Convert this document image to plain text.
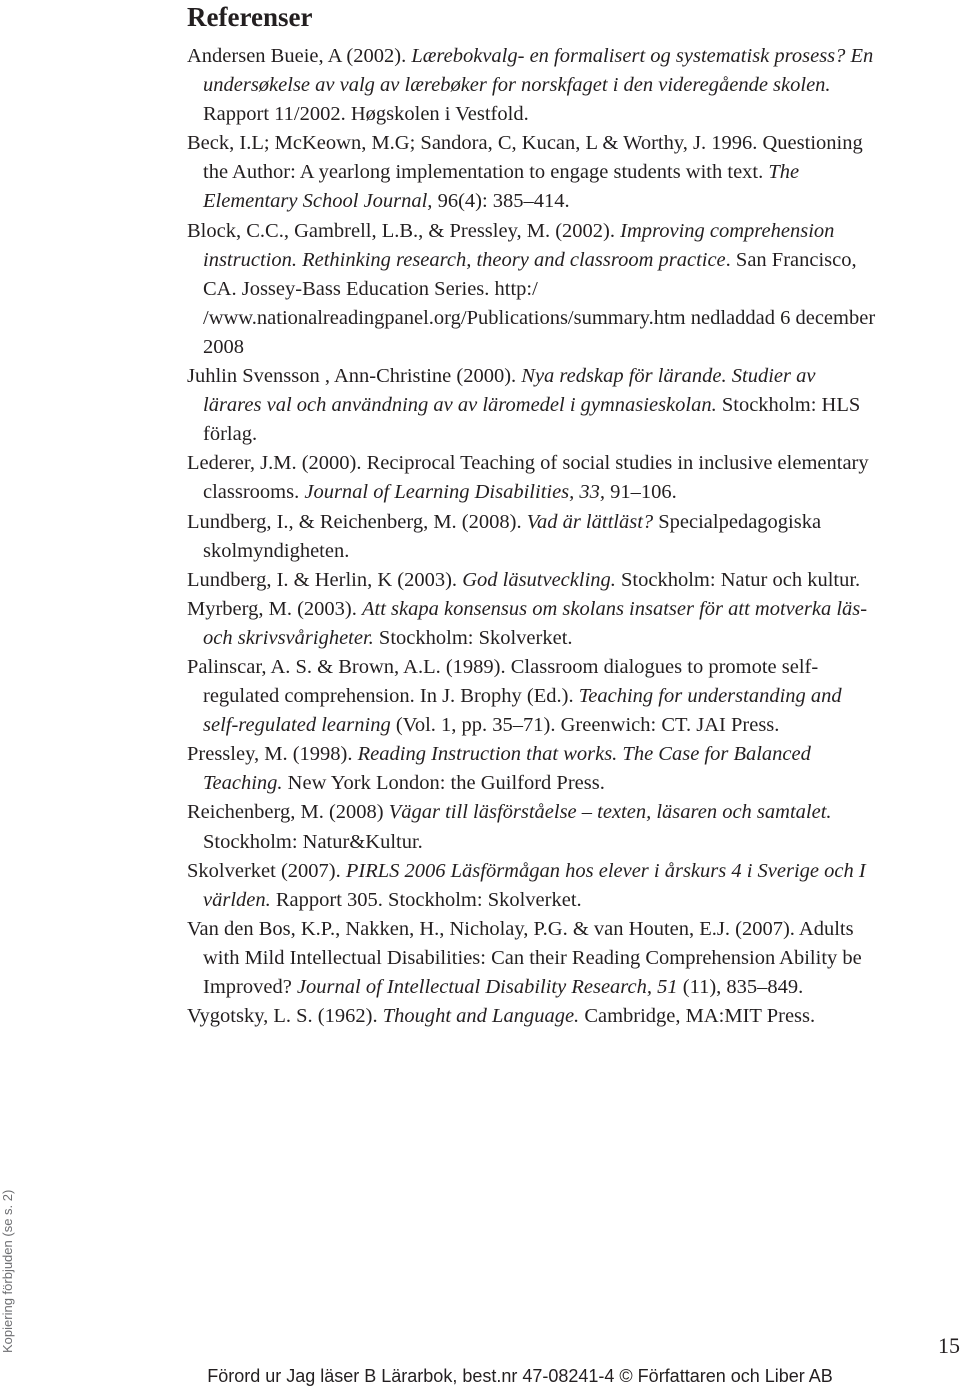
Referenser

Andersen Bueie, A (2002). Lærebokvalg- en formalisert og systematisk prosess? En undersøkelse av valg av lærebøker for norskfaget i den videregående skolen. Rapport 11/2002. Høgskolen i Vestfold.

Beck, I.L; McKeown, M.G; Sandora, C, Kucan, L & Worthy, J. 1996. Questioning the Author: A yearlong implementation to engage students with text. The Elementary School Journal, 96(4): 385–414.

Block, C.C., Gambrell, L.B., & Pressley, M. (2002). Improving comprehension instruction. Rethinking research, theory and classroom practice. San Francisco, CA. Jossey-Bass Education Series. http:/ /www.nationalreadingpanel.org/Publications/summary.htm nedladdad 6 december 2008

Juhlin Svensson , Ann-Christine (2000). Nya redskap för lärande. Studier av lärares val och användning av av läromedel i gymnasieskolan. Stockholm: HLS förlag.

Lederer, J.M. (2000). Reciprocal Teaching of social studies in inclusive elementary classrooms. Journal of Learning Disabilities, 33, 91–106.

Lundberg, I., & Reichenberg, M. (2008). Vad är lättläst? Specialpedagogiska skolmyndigheten.

Lundberg, I. & Herlin, K (2003). God läsutveckling. Stockholm: Natur och kultur.

Myrberg, M. (2003). Att skapa konsensus om skolans insatser för att motverka läs- och skrivsvårigheter. Stockholm: Skolverket.

Palinscar, A. S. & Brown, A.L. (1989). Classroom dialogues to promote self-regulated comprehension. In J. Brophy (Ed.). Teaching for understanding and self-regulated learning (Vol. 1, pp. 35–71). Greenwich: CT. JAI Press.

Pressley, M. (1998). Reading Instruction that works. The Case for Balanced Teaching. New York London: the Guilford Press.

Reichenberg, M. (2008) Vägar till läsförståelse – texten, läsaren och samtalet. Stockholm: Natur&Kultur.

Skolverket (2007). PIRLS 2006 Läsförmågan hos elever i årskurs 4 i Sverige och I världen. Rapport 305. Stockholm: Skolverket.

Van den Bos, K.P., Nakken, H., Nicholay, P.G. & van Houten, E.J. (2007). Adults with Mild Intellectual Disabilities: Can their Reading Comprehension Ability be Improved? Journal of Intellectual Disability Research, 51 (11), 835–849.

Vygotsky, L. S. (1962). Thought and Language. Cambridge, MA:MIT Press.

Kopiering förbjuden (se s. 2)	15
Förord ur Jag läser B Lärarbok, best.nr 47-08241-4 © Författaren och Liber AB
